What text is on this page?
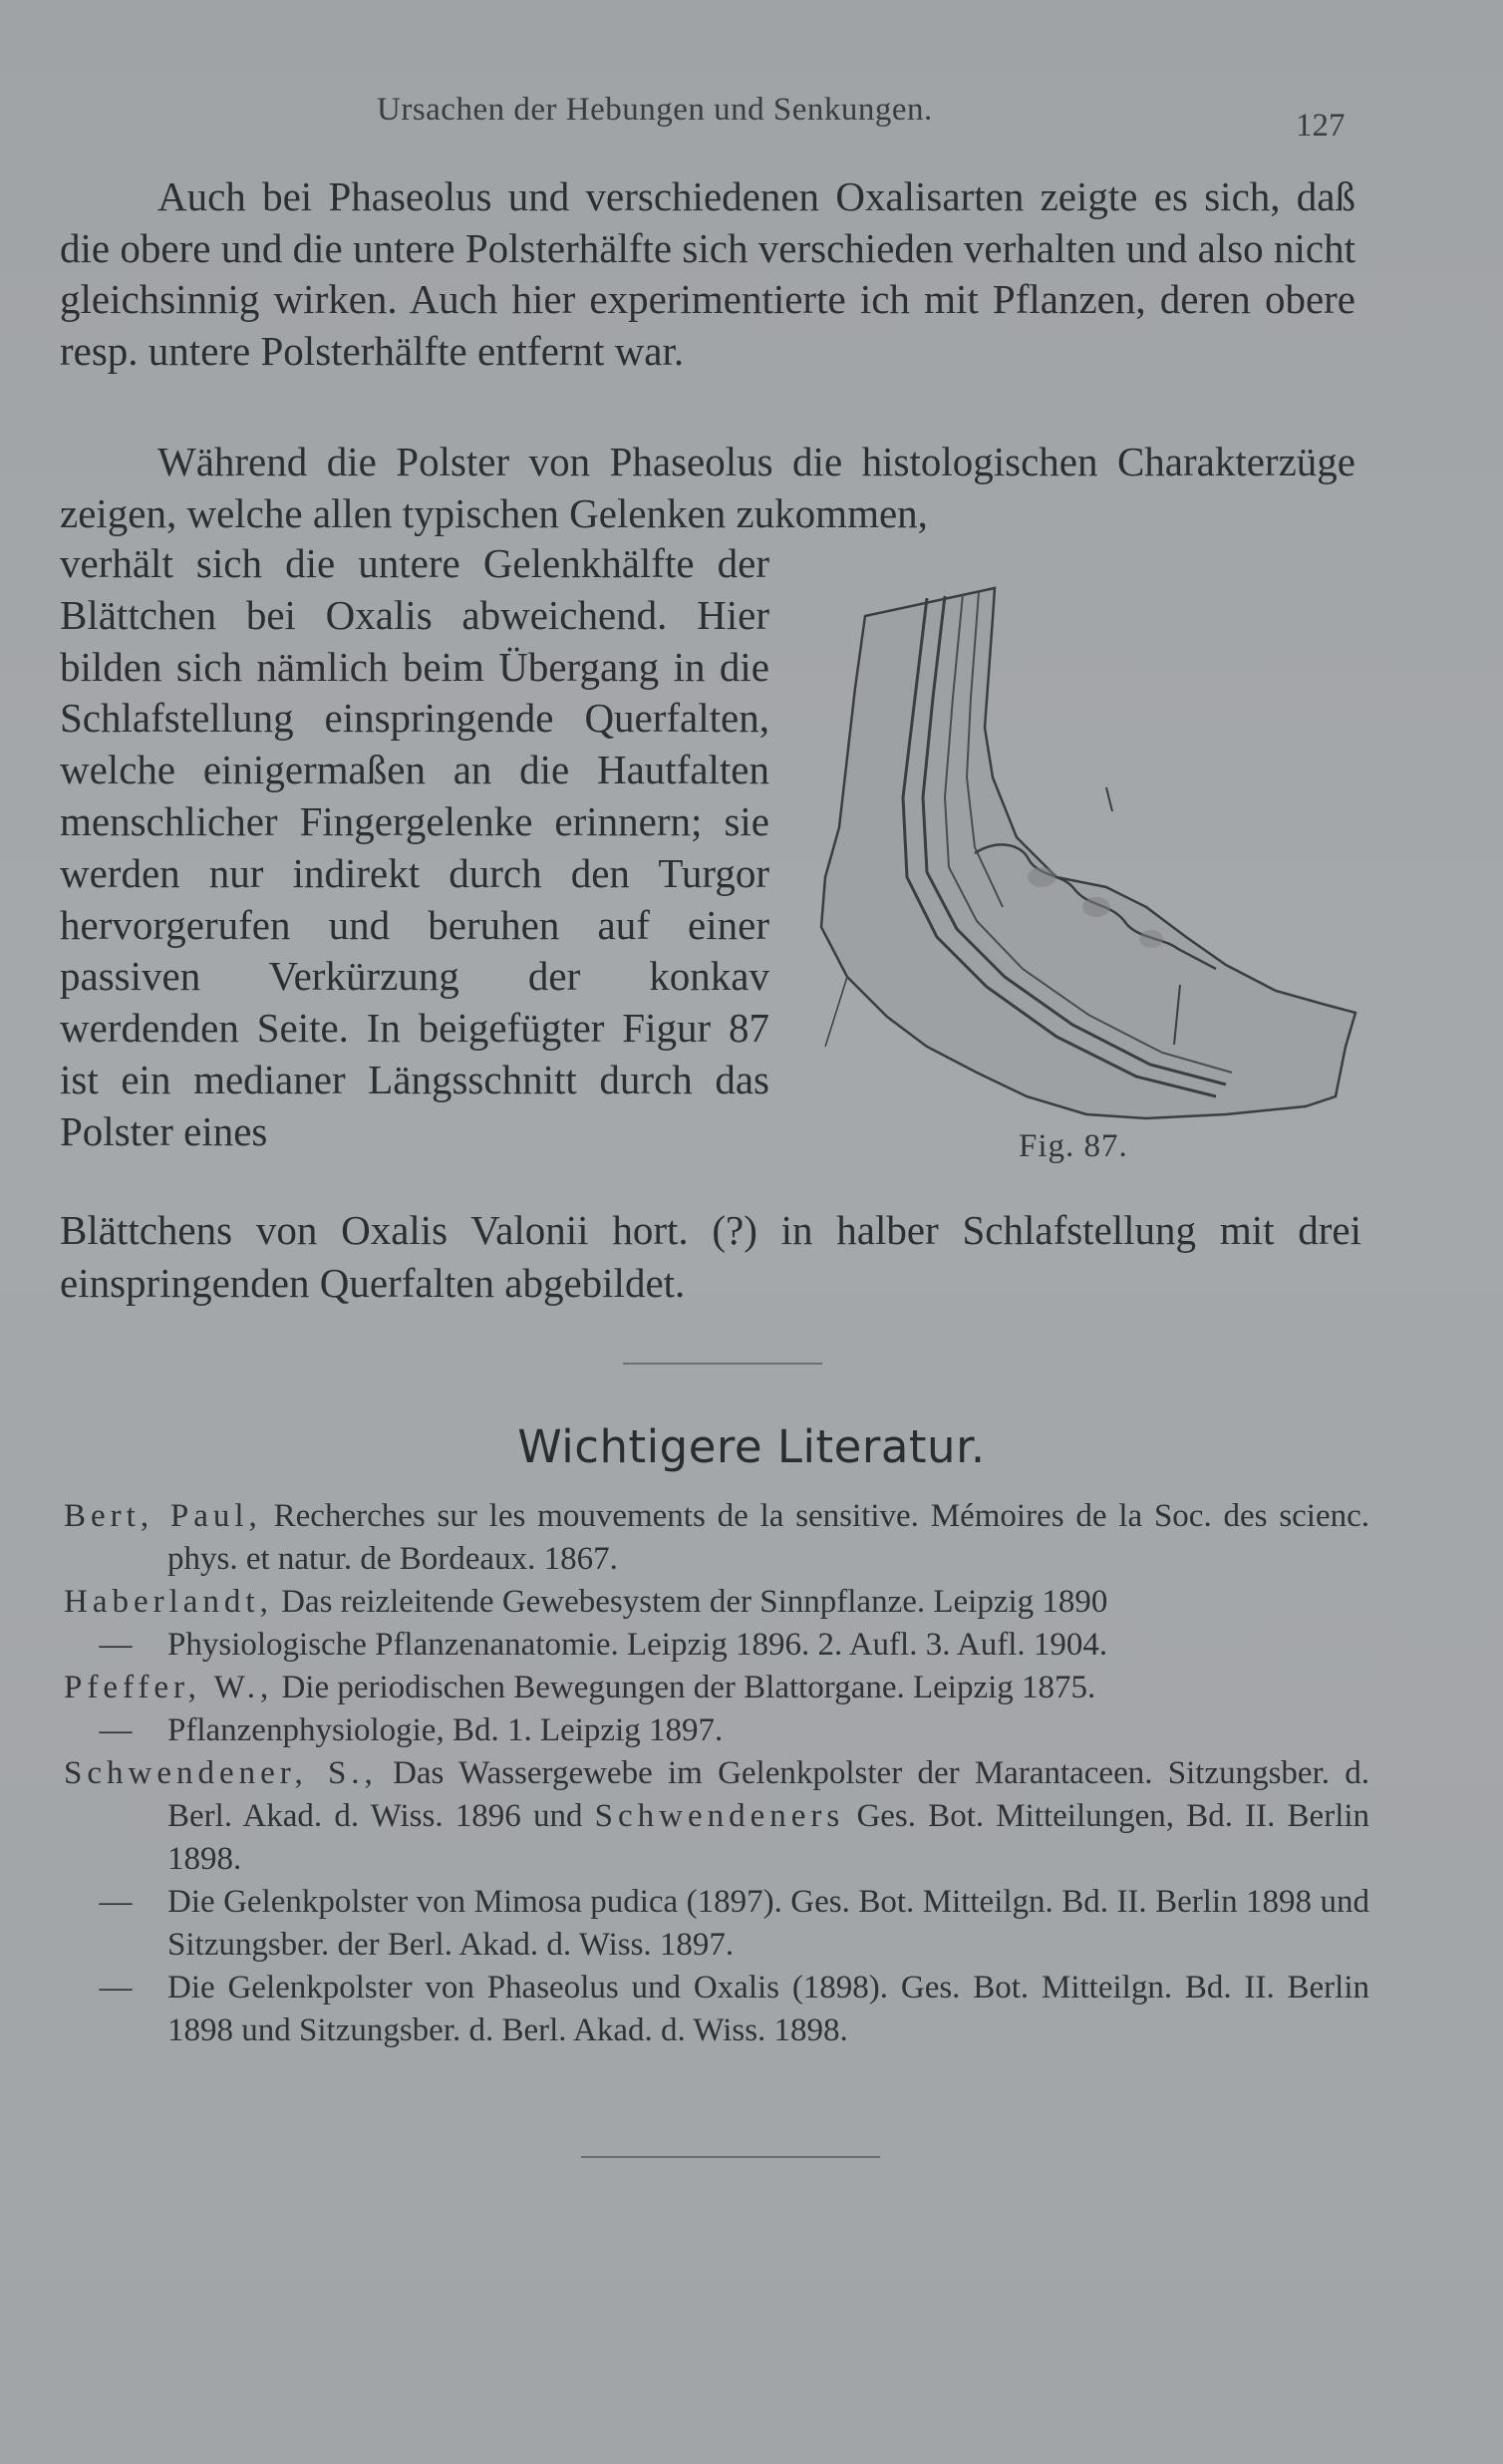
Ursachen der Hebungen und Senkungen.	127

Auch bei Phaseolus und verschiedenen Oxalisarten zeigte es sich, daß die obere und die untere Polsterhälfte sich verschieden verhalten und also nicht gleichsinnig wirken. Auch hier experimentierte ich mit Pflanzen, deren obere resp. untere Polsterhälfte entfernt war.

Während die Polster von Phaseolus die histologischen Charakterzüge zeigen, welche allen typischen Gelenken zukommen,

verhält sich die untere Gelenkhälfte der Blättchen bei Oxalis abweichend. Hier bilden sich nämlich beim Übergang in die Schlafstellung einspringende Querfalten, welche einigermaßen an die Hautfalten menschlicher Fingergelenke erinnern; sie werden nur indirekt durch den Turgor hervorgerufen und beruhen auf einer passiven Verkürzung der konkav werdenden Seite. In beigefügter Figur 87 ist ein medianer Längsschnitt durch das Polster eines

Blättchens von Oxalis Valonii hort. (?) in halber Schlafstellung mit drei einspringenden Querfalten abgebildet.

Fig. 87.
Wichtigere Literatur.
Bert, Paul, Recherches sur les mouvements de la sensitive. Mémoires de la Soc. des scienc. phys. et natur. de Bordeaux. 1867.
Haberlandt, Das reizleitende Gewebesystem der Sinnpflanze. Leipzig 1890
— Physiologische Pflanzenanatomie. Leipzig 1896. 2. Aufl. 3. Aufl. 1904.
Pfeffer, W., Die periodischen Bewegungen der Blattorgane. Leipzig 1875.
— Pflanzenphysiologie, Bd. 1. Leipzig 1897.
Schwendener, S., Das Wassergewebe im Gelenkpolster der Marantaceen. Sitzungsber. d. Berl. Akad. d. Wiss. 1896 und Schwendeners Ges. Bot. Mitteilungen, Bd. II. Berlin 1898.
— Die Gelenkpolster von Mimosa pudica (1897). Ges. Bot. Mitteilgn. Bd. II. Berlin 1898 und Sitzungsber. der Berl. Akad. d. Wiss. 1897.
— Die Gelenkpolster von Phaseolus und Oxalis (1898). Ges. Bot. Mitteilgn. Bd. II. Berlin 1898 und Sitzungsber. d. Berl. Akad. d. Wiss. 1898.
